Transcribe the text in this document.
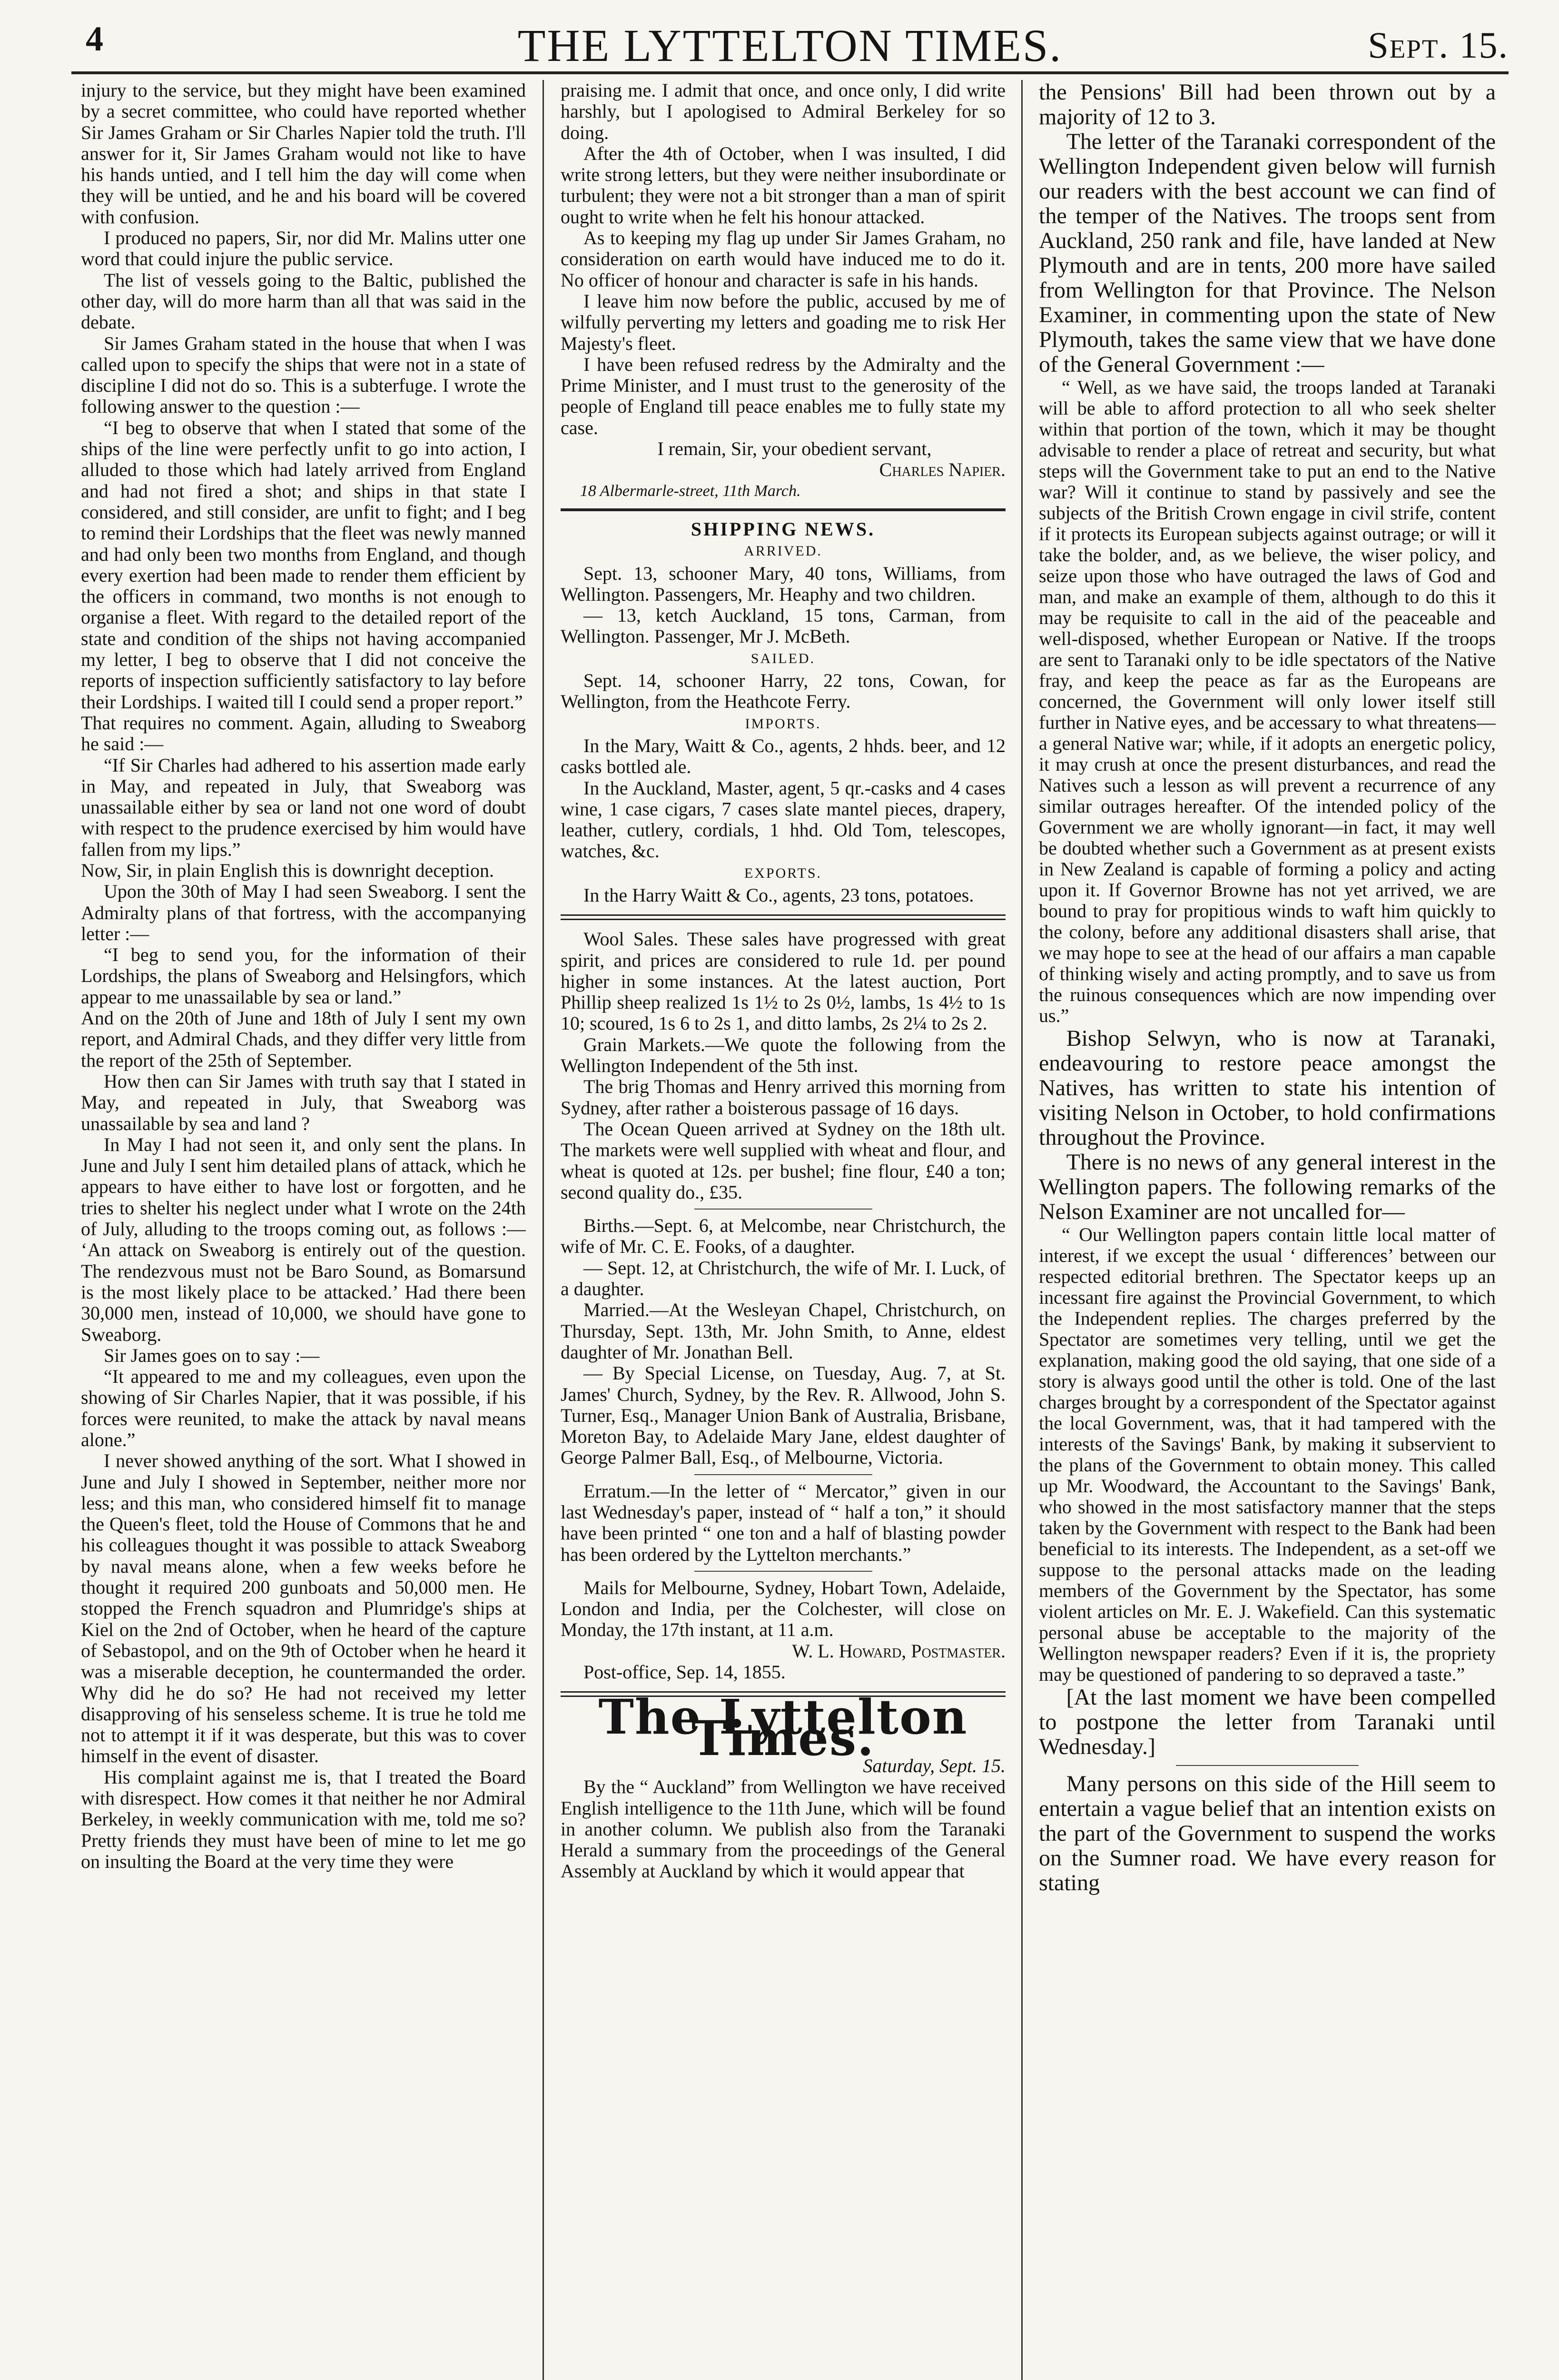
4	THE LYTTELTON TIMES.	Sept. 15.

injury to the service, but they might have been examined by a secret committee, who could have reported whether Sir James Graham or Sir Charles Napier told the truth. I'll answer for it, Sir James Graham would not like to have his hands untied, and I tell him the day will come when they will be untied, and he and his board will be covered with confusion.

I produced no papers, Sir, nor did Mr. Malins utter one word that could injure the public service.

The list of vessels going to the Baltic, published the other day, will do more harm than all that was said in the debate.

Sir James Graham stated in the house that when I was called upon to specify the ships that were not in a state of discipline I did not do so. This is a subterfuge. I wrote the following answer to the question :—

“I beg to observe that when I stated that some of the ships of the line were perfectly unfit to go into action, I alluded to those which had lately arrived from England and had not fired a shot; and ships in that state I considered, and still consider, are unfit to fight; and I beg to remind their Lordships that the fleet was newly manned and had only been two months from England, and though every exertion had been made to render them efficient by the officers in command, two months is not enough to organise a fleet. With regard to the detailed report of the state and condition of the ships not having accompanied my letter, I beg to observe that I did not conceive the reports of inspection sufficiently satisfactory to lay before their Lordships. I waited till I could send a proper report.”

That requires no comment. Again, alluding to Sweaborg he said :—

“If Sir Charles had adhered to his assertion made early in May, and repeated in July, that Sweaborg was unassailable either by sea or land not one word of doubt with respect to the prudence exercised by him would have fallen from my lips.”

Now, Sir, in plain English this is downright deception.

Upon the 30th of May I had seen Sweaborg. I sent the Admiralty plans of that fortress, with the accompanying letter :—

“I beg to send you, for the information of their Lordships, the plans of Sweaborg and Helsingfors, which appear to me unassailable by sea or land.”

And on the 20th of June and 18th of July I sent my own report, and Admiral Chads, and they differ very little from the report of the 25th of September.

How then can Sir James with truth say that I stated in May, and repeated in July, that Sweaborg was unassailable by sea and land ?

In May I had not seen it, and only sent the plans. In June and July I sent him detailed plans of attack, which he appears to have either to have lost or forgotten, and he tries to shelter his neglect under what I wrote on the 24th of July, alluding to the troops coming out, as follows :— ‘An attack on Sweaborg is entirely out of the question. The rendezvous must not be Baro Sound, as Bomarsund is the most likely place to be attacked.’ Had there been 30,000 men, instead of 10,000, we should have gone to Sweaborg.

Sir James goes on to say :—

“It appeared to me and my colleagues, even upon the showing of Sir Charles Napier, that it was possible, if his forces were reunited, to make the attack by naval means alone.”

I never showed anything of the sort. What I showed in June and July I showed in September, neither more nor less; and this man, who considered himself fit to manage the Queen's fleet, told the House of Commons that he and his colleagues thought it was possible to attack Sweaborg by naval means alone, when a few weeks before he thought it required 200 gunboats and 50,000 men. He stopped the French squadron and Plumridge's ships at Kiel on the 2nd of October, when he heard of the capture of Sebastopol, and on the 9th of October when he heard it was a miserable deception, he countermanded the order. Why did he do so? He had not received my letter disapproving of his senseless scheme. It is true he told me not to attempt it if it was desperate, but this was to cover himself in the event of disaster.

His complaint against me is, that I treated the Board with disrespect. How comes it that neither he nor Admiral Berkeley, in weekly communication with me, told me so? Pretty friends they must have been of mine to let me go on insulting the Board at the very time they were

praising me. I admit that once, and once only, I did write harshly, but I apologised to Admiral Berkeley for so doing.

After the 4th of October, when I was insulted, I did write strong letters, but they were neither insubordinate or turbulent; they were not a bit stronger than a man of spirit ought to write when he felt his honour attacked.

As to keeping my flag up under Sir James Graham, no consideration on earth would have induced me to do it. No officer of honour and character is safe in his hands.

I leave him now before the public, accused by me of wilfully perverting my letters and goading me to risk Her Majesty's fleet.

I have been refused redress by the Admiralty and the Prime Minister, and I must trust to the generosity of the people of England till peace enables me to fully state my case.

I remain, Sir, your obedient servant,

Charles Napier.

18 Albermarle-street, 11th March.

SHIPPING NEWS.
ARRIVED.

Sept. 13, schooner Mary, 40 tons, Williams, from Wellington. Passengers, Mr. Heaphy and two children.

— 13, ketch Auckland, 15 tons, Carman, from Wellington. Passenger, Mr J. McBeth.

SAILED.

Sept. 14, schooner Harry, 22 tons, Cowan, for Wellington, from the Heathcote Ferry.

IMPORTS.

In the Mary, Waitt & Co., agents, 2 hhds. beer, and 12 casks bottled ale.

In the Auckland, Master, agent, 5 qr.-casks and 4 cases wine, 1 case cigars, 7 cases slate mantel pieces, drapery, leather, cutlery, cordials, 1 hhd. Old Tom, telescopes, watches, &c.

EXPORTS.

In the Harry Waitt & Co., agents, 23 tons, potatoes.

Wool Sales. These sales have progressed with great spirit, and prices are considered to rule 1d. per pound higher in some instances. At the latest auction, Port Phillip sheep realized 1s 1½ to 2s 0½, lambs, 1s 4½ to 1s 10; scoured, 1s 6 to 2s 1, and ditto lambs, 2s 2¼ to 2s 2.

Grain Markets.—We quote the following from the Wellington Independent of the 5th inst.

The brig Thomas and Henry arrived this morning from Sydney, after rather a boisterous passage of 16 days.

The Ocean Queen arrived at Sydney on the 18th ult. The markets were well supplied with wheat and flour, and wheat is quoted at 12s. per bushel; fine flour, £40 a ton; second quality do., £35.

Births.—Sept. 6, at Melcombe, near Christchurch, the wife of Mr. C. E. Fooks, of a daughter.

— Sept. 12, at Christchurch, the wife of Mr. I. Luck, of a daughter.

Married.—At the Wesleyan Chapel, Christchurch, on Thursday, Sept. 13th, Mr. John Smith, to Anne, eldest daughter of Mr. Jonathan Bell.

— By Special License, on Tuesday, Aug. 7, at St. James' Church, Sydney, by the Rev. R. Allwood, John S. Turner, Esq., Manager Union Bank of Australia, Brisbane, Moreton Bay, to Adelaide Mary Jane, eldest daughter of George Palmer Ball, Esq., of Melbourne, Victoria.

Erratum.—In the letter of “ Mercator,” given in our last Wednesday's paper, instead of “ half a ton,” it should have been printed “ one ton and a half of blasting powder has been ordered by the Lyttelton merchants.”

Mails for Melbourne, Sydney, Hobart Town, Adelaide, London and India, per the Colchester, will close on Monday, the 17th instant, at 11 a.m.

W. L. Howard, Postmaster.

Post-office, Sep. 14, 1855.

The Lyttelton Times.

Saturday, Sept. 15.

By the “ Auckland” from Wellington we have received English intelligence to the 11th June, which will be found in another column. We publish also from the Taranaki Herald a summary from the proceedings of the General Assembly at Auckland by which it would appear that

the Pensions' Bill had been thrown out by a majority of 12 to 3.

The letter of the Taranaki correspondent of the Wellington Independent given below will furnish our readers with the best account we can find of the temper of the Natives. The troops sent from Auckland, 250 rank and file, have landed at New Plymouth and are in tents, 200 more have sailed from Wellington for that Province. The Nelson Examiner, in commenting upon the state of New Plymouth, takes the same view that we have done of the General Government :—

“ Well, as we have said, the troops landed at Taranaki will be able to afford protection to all who seek shelter within that portion of the town, which it may be thought advisable to render a place of retreat and security, but what steps will the Government take to put an end to the Native war? Will it continue to stand by passively and see the subjects of the British Crown engage in civil strife, content if it protects its European subjects against outrage; or will it take the bolder, and, as we believe, the wiser policy, and seize upon those who have outraged the laws of God and man, and make an example of them, although to do this it may be requisite to call in the aid of the peaceable and well-disposed, whether European or Native. If the troops are sent to Taranaki only to be idle spectators of the Native fray, and keep the peace as far as the Europeans are concerned, the Government will only lower itself still further in Native eyes, and be accessary to what threatens—a general Native war; while, if it adopts an energetic policy, it may crush at once the present disturbances, and read the Natives such a lesson as will prevent a recurrence of any similar outrages hereafter. Of the intended policy of the Government we are wholly ignorant—in fact, it may well be doubted whether such a Government as at present exists in New Zealand is capable of forming a policy and acting upon it. If Governor Browne has not yet arrived, we are bound to pray for propitious winds to waft him quickly to the colony, before any additional disasters shall arise, that we may hope to see at the head of our affairs a man capable of thinking wisely and acting promptly, and to save us from the ruinous consequences which are now impending over us.”

Bishop Selwyn, who is now at Taranaki, endeavouring to restore peace amongst the Natives, has written to state his intention of visiting Nelson in October, to hold confirmations throughout the Province.

There is no news of any general interest in the Wellington papers. The following remarks of the Nelson Examiner are not uncalled for—

“ Our Wellington papers contain little local matter of interest, if we except the usual ‘ differences’ between our respected editorial brethren. The Spectator keeps up an incessant fire against the Provincial Government, to which the Independent replies. The charges preferred by the Spectator are sometimes very telling, until we get the explanation, making good the old saying, that one side of a story is always good until the other is told. One of the last charges brought by a correspondent of the Spectator against the local Government, was, that it had tampered with the interests of the Savings' Bank, by making it subservient to the plans of the Government to obtain money. This called up Mr. Woodward, the Accountant to the Savings' Bank, who showed in the most satisfactory manner that the steps taken by the Government with respect to the Bank had been beneficial to its interests. The Independent, as a set-off we suppose to the personal attacks made on the leading members of the Government by the Spectator, has some violent articles on Mr. E. J. Wakefield. Can this systematic personal abuse be acceptable to the majority of the Wellington newspaper readers? Even if it is, the propriety may be questioned of pandering to so depraved a taste.”

[At the last moment we have been compelled to postpone the letter from Taranaki until Wednesday.]

Many persons on this side of the Hill seem to entertain a vague belief that an intention exists on the part of the Government to suspend the works on the Sumner road. We have every reason for stating
